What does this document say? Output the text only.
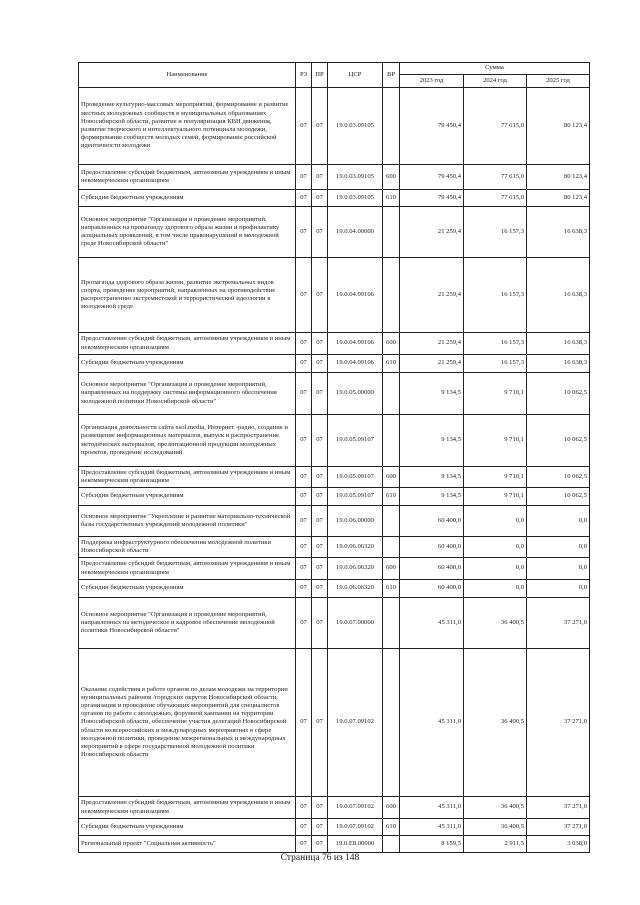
Наименование	РЗ	ПР	ЦСР	ВР	Сумма		
					2023 год	2024 год	2025 год
Проведение культурно-массовых мероприятий, формирование и развитие местных молодежных сообществ в муниципальных образованиях Новосибирской области, развитие и популяризация КВН движения, развитие творческого и интеллектуального потенциала молодежи, формирование сообществ молодых семей, формирование российской идентичности молодежи	07	07	19.0.03.09105		79 450,4	77 615,0	80 123,4
Предоставление субсидий бюджетным, автономным учреждениям и иным некоммерческим организациям	07	07	19.0.03.09105	600	79 450,4	77 615,0	80 123,4
Субсидии бюджетным учреждениям	07	07	19.0.03.09105	610	79 450,4	77 615,0	80 123,4
Основное мероприятие "Организация и проведение мероприятий, направленных на пропаганду здорового образа жизни и профилактику асоциальных проявлений, в том числе правонарушений в молодежной среде Новосибирской области"	07	07	19.0.04.00000		21 259,4	16 157,3	16 638,3
Пропаганда здорового образа жизни, развитие экстремальных видов спорта, проведение мероприятий, направленных на противодействие распространению экстремистской и террористической идеологии в молодежной среде	07	07	19.0.04.09106		21 259,4	16 157,3	16 638,3
Предоставление субсидий бюджетным, автономным учреждениям и иным некоммерческим организациям	07	07	19.0.04.09106	600	21 259,4	16 157,3	16 638,3
Субсидии бюджетным учреждениям	07	07	19.0.04.09106	610	21 259,4	16 157,3	16 638,3
Основное мероприятие "Организация и проведение мероприятий, направленных на поддержку системы информационного обеспечения молодежной политики Новосибирской области"	07	07	19.0.05.00000		9 134,5	9 710,1	10 062,5
Организация деятельности сайта nsol.media, Интернет -радио, создание и размещение информационных материалов, выпуск и распространение методических материалов, презентационной продукции молодежных проектов, проведение исследований	07	07	19.0.05.09107		9 134,5	9 710,1	10 062,5
Предоставление субсидий бюджетным, автономным учреждениям и иным некоммерческим организациям	07	07	19.0.05.09107	600	9 134,5	9 710,1	10 062,5
Субсидии бюджетным учреждениям	07	07	19.0.05.09107	610	9 134,5	9 710,1	10 062,5
Основное мероприятие "Укрепление и развитие материально-технической базы государственных учреждений молодежной политики"	07	07	19.0.06.00000		60 400,0	0,0	0,0
Поддержка инфраструктурного обеспечения молодежной политики Новосибирской области	07	07	19.0.06.06320		60 400,0	0,0	0,0
Предоставление субсидий бюджетным, автономным учреждениям и иным некоммерческим организациям	07	07	19.0.06.06320	600	60 400,0	0,0	0,0
Субсидии бюджетным учреждениям	07	07	19.0.06.06320	610	60 400,0	0,0	0,0
Основное мероприятие "Организация и проведение мероприятий, направленных на методическое и кадровое обеспечение молодежной политики Новосибирской области"	07	07	19.0.07.00000		45 311,0	36 400,5	37 271,0
Оказание содействия в работе органов по делам молодежи на территории муниципальных районов /городских округов Новосибирской области, организация и проведение обучающих мероприятий для специалистов органов по работе с молодежью, форумной кампании на территории Новосибирской области, обеспечение участия делегаций Новосибирской области во всероссийских и международных мероприятиях в сфере молодежной политики, проведение межрегиональных и международных мероприятий в сфере государственной молодежной политики Новосибирской области	07	07	19.0.07.09102		45 311,0	36 400,5	37 271,0
Предоставление субсидий бюджетным, автономным учреждениям и иным некоммерческим организациям	07	07	19.0.07.09102	600	45 311,0	36 400,5	37 271,0
Субсидии бюджетным учреждениям	07	07	19.0.07.09102	610	45 311,0	36 400,5	37 271,0
Региональный проект "Социальная активность"	07	07	19.0.E8.00000		8 159,5	2 911,5	3 038,0
Страница 76 из 148
